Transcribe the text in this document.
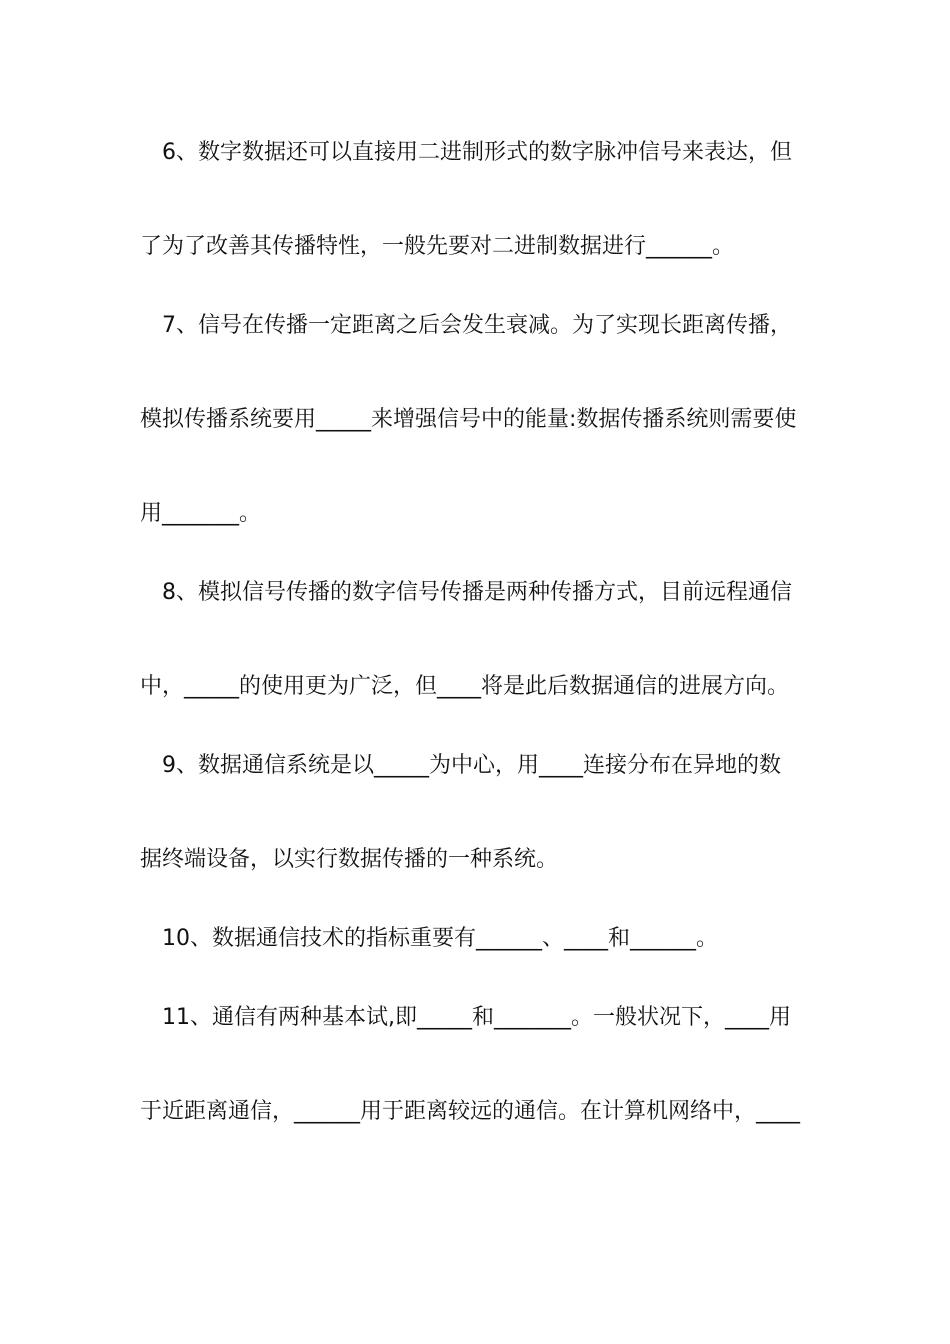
6、数字数据还可以直接用二进制形式的数字脉冲信号来表达，但
了为了改善其传播特性，一般先要对二进制数据进行______。
7、信号在传播一定距离之后会发生衰减。为了实现长距离传播，
模拟传播系统要用_____来增强信号中的能量:数据传播系统则需要使
用_______。
8、模拟信号传播的数字信号传播是两种传播方式，目前远程通信
中，_____的使用更为广泛，但____将是此后数据通信的进展方向。
9、数据通信系统是以_____为中心，用____连接分布在异地的数
据终端设备，以实行数据传播的一种系统。
10、数据通信技术的指标重要有______、____和______。
11、通信有两种基本试,即_____和_______。一般状况下，____用
于近距离通信，______用于距离较远的通信。在计算机网络中，____
